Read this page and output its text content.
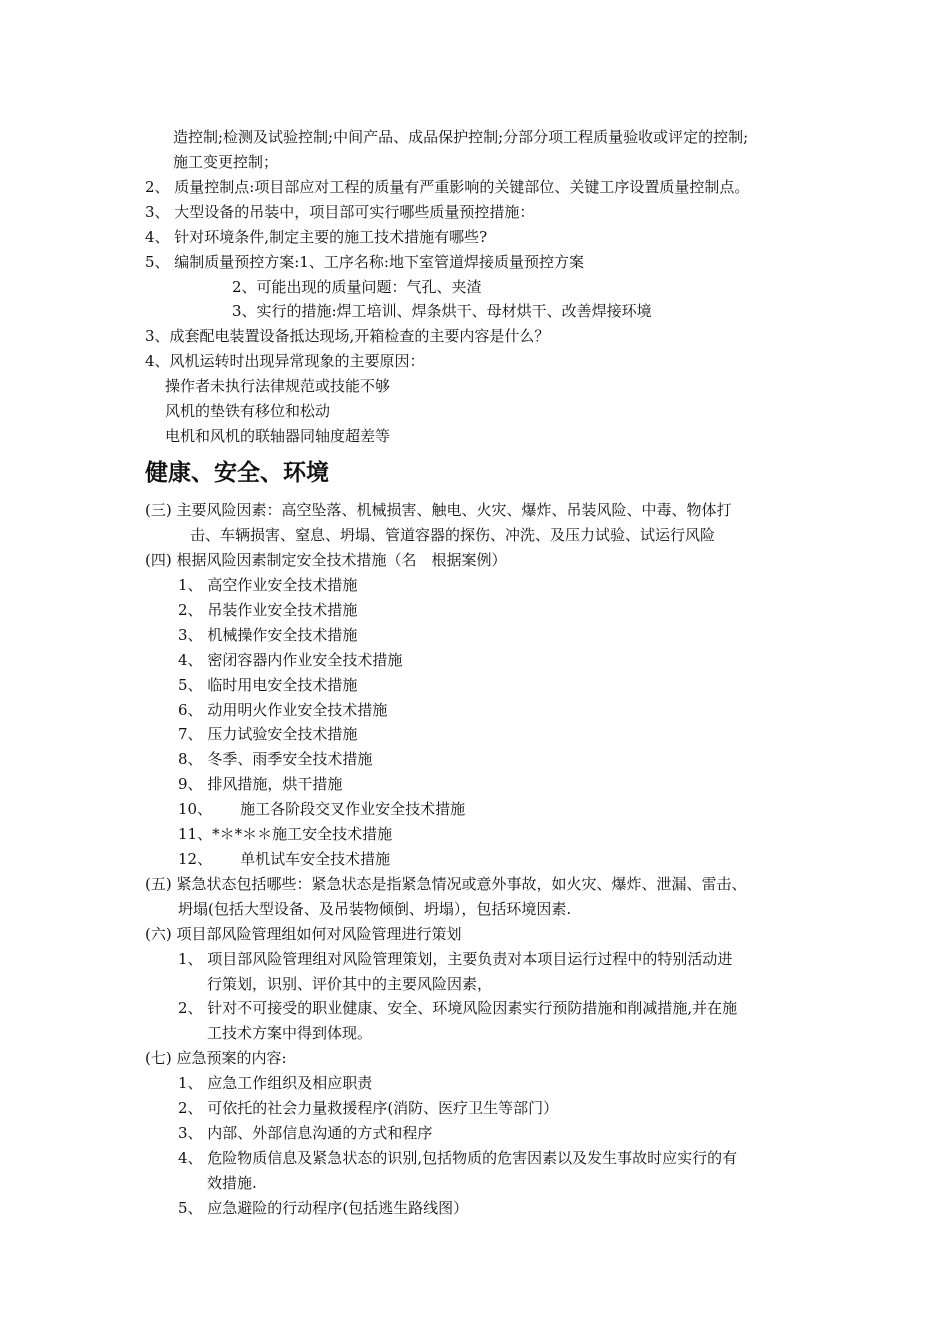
造控制;检测及试验控制;中间产品、成品保护控制;分部分项工程质量验收或评定的控制;
施工变更控制；
2、 质量控制点:项目部应对工程的质量有严重影响的关键部位、关键工序设置质量控制点。
3、 大型设备的吊装中，项目部可实行哪些质量预控措施：
4、 针对环境条件,制定主要的施工技术措施有哪些?
5、 编制质量预控方案:1、工序名称:地下室管道焊接质量预控方案
2、可能出现的质量问题：气孔、夹渣
3、实行的措施:焊工培训、焊条烘干、母材烘干、改善焊接环境
3、成套配电装置设备抵达现场,开箱检查的主要内容是什么？
4、风机运转时出现异常现象的主要原因：
操作者未执行法律规范或技能不够
风机的垫铁有移位和松动
电机和风机的联轴器同轴度超差等
健康、安全、环境
(三) 主要风险因素：高空坠落、机械损害、触电、火灾、爆炸、吊装风险、中毒、物体打
击、车辆损害、窒息、坍塌、管道容器的探伤、冲洗、及压力试验、试运行风险
(四) 根据风险因素制定安全技术措施（名　根据案例）
1、 高空作业安全技术措施
2、 吊装作业安全技术措施
3、 机械操作安全技术措施
4、 密闭容器内作业安全技术措施
5、 临时用电安全技术措施
6、 动用明火作业安全技术措施
7、 压力试验安全技术措施
8、 冬季、雨季安全技术措施
9、 排风措施，烘干措施
10、 施工各阶段交叉作业安全技术措施
11、*＊*＊＊施工安全技术措施
12、 单机试车安全技术措施
(五) 紧急状态包括哪些：紧急状态是指紧急情况或意外事故，如火灾、爆炸、泄漏、雷击、
坍塌(包括大型设备、及吊装物倾倒、坍塌），包括环境因素.
(六) 项目部风险管理组如何对风险管理进行策划
1、 项目部风险管理组对风险管理策划，主要负责对本项目运行过程中的特别活动进
行策划，识别、评价其中的主要风险因素，
2、 针对不可接受的职业健康、安全、环境风险因素实行预防措施和削减措施,并在施
工技术方案中得到体现。
(七) 应急预案的内容:
1、 应急工作组织及相应职责
2、 可依托的社会力量救援程序(消防、医疗卫生等部门）
3、 内部、外部信息沟通的方式和程序
4、 危险物质信息及紧急状态的识别,包括物质的危害因素以及发生事故时应实行的有
效措施.
5、 应急避险的行动程序(包括逃生路线图）
